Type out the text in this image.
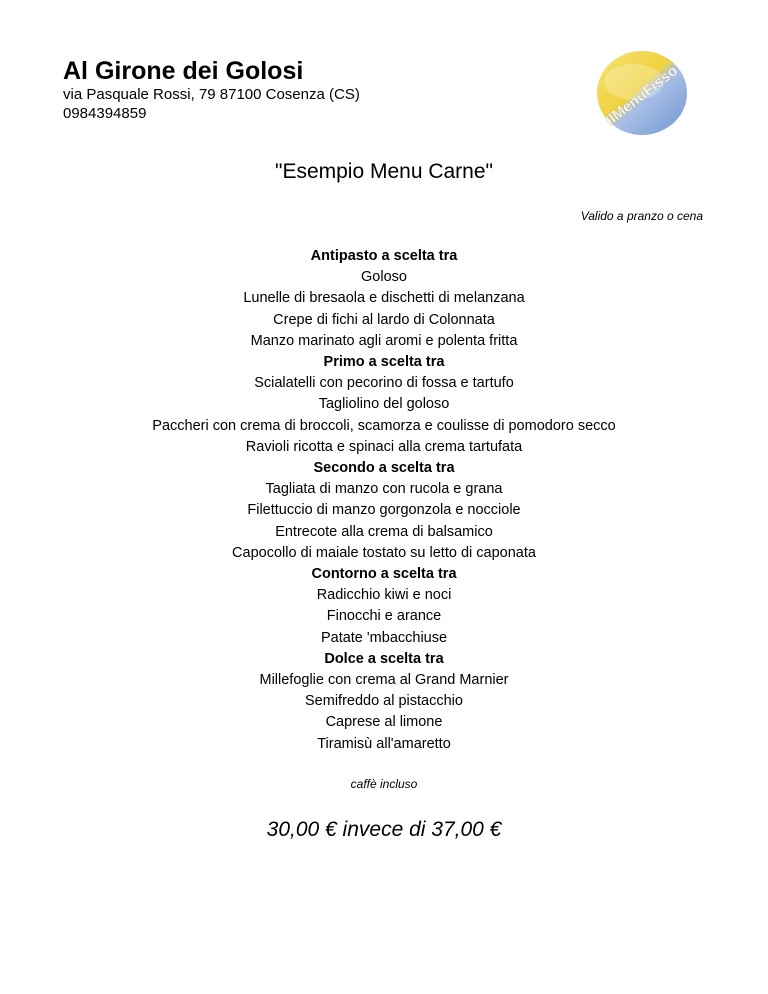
Al Girone dei Golosi
via Pasquale Rossi, 79 87100 Cosenza (CS)
0984394859	IlMenuFisso
"Esempio Menu Carne"
Valido a pranzo o cena
Antipasto a scelta tra
Goloso
Lunelle di bresaola e dischetti di melanzana
Crepe di fichi al lardo di Colonnata
Manzo marinato agli aromi e polenta fritta
Primo a scelta tra
Scialatelli con pecorino di fossa e tartufo
Tagliolino del goloso
Paccheri con crema di broccoli, scamorza e coulisse di pomodoro secco
Ravioli ricotta e spinaci alla crema tartufata
Secondo a scelta tra
Tagliata di manzo con rucola e grana
Filettuccio di manzo gorgonzola e nocciole
Entrecote alla crema di balsamico
Capocollo di maiale tostato su letto di caponata
Contorno a scelta tra
Radicchio kiwi e noci
Finocchi e arance
Patate 'mbacchiuse
Dolce a scelta tra
Millefoglie con crema al Grand Marnier
Semifreddo al pistacchio
Caprese al limone
Tiramisù all'amaretto
caffè incluso
30,00 € invece di 37,00 €
